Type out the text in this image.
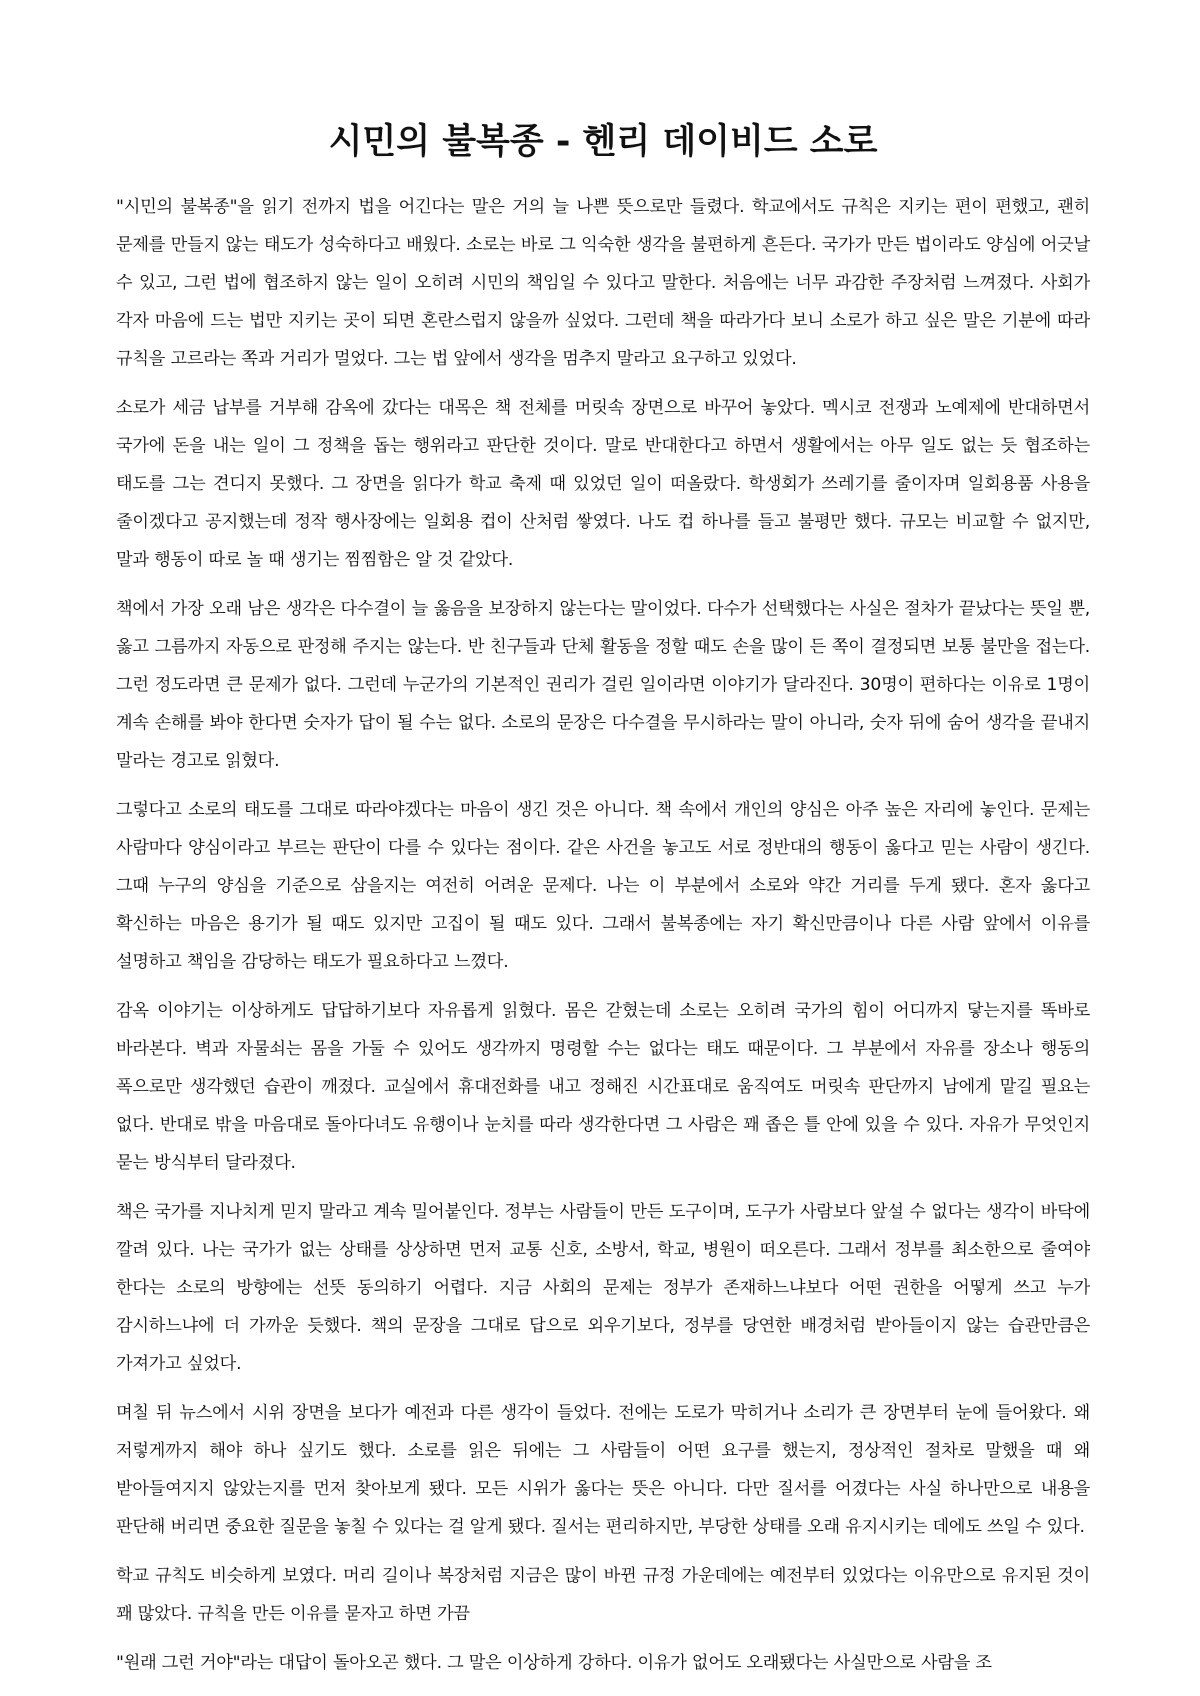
시민의 불복종 - 헨리 데이비드 소로

"시민의 불복종"을 읽기 전까지 법을 어긴다는 말은 거의 늘 나쁜 뜻으로만 들렸다. 학교에서도 규칙은 지키는 편이 편했고, 괜히 문제를 만들지 않는 태도가 성숙하다고 배웠다. 소로는 바로 그 익숙한 생각을 불편하게 흔든다. 국가가 만든 법이라도 양심에 어긋날 수 있고, 그런 법에 협조하지 않는 일이 오히려 시민의 책임일 수 있다고 말한다. 처음에는 너무 과감한 주장처럼 느껴졌다. 사회가 각자 마음에 드는 법만 지키는 곳이 되면 혼란스럽지 않을까 싶었다. 그런데 책을 따라가다 보니 소로가 하고 싶은 말은 기분에 따라 규칙을 고르라는 쪽과 거리가 멀었다. 그는 법 앞에서 생각을 멈추지 말라고 요구하고 있었다.

소로가 세금 납부를 거부해 감옥에 갔다는 대목은 책 전체를 머릿속 장면으로 바꾸어 놓았다. 멕시코 전쟁과 노예제에 반대하면서 국가에 돈을 내는 일이 그 정책을 돕는 행위라고 판단한 것이다. 말로 반대한다고 하면서 생활에서는 아무 일도 없는 듯 협조하는 태도를 그는 견디지 못했다. 그 장면을 읽다가 학교 축제 때 있었던 일이 떠올랐다. 학생회가 쓰레기를 줄이자며 일회용품 사용을 줄이겠다고 공지했는데 정작 행사장에는 일회용 컵이 산처럼 쌓였다. 나도 컵 하나를 들고 불평만 했다. 규모는 비교할 수 없지만, 말과 행동이 따로 놀 때 생기는 찜찜함은 알 것 같았다.

책에서 가장 오래 남은 생각은 다수결이 늘 옳음을 보장하지 않는다는 말이었다. 다수가 선택했다는 사실은 절차가 끝났다는 뜻일 뿐, 옳고 그름까지 자동으로 판정해 주지는 않는다. 반 친구들과 단체 활동을 정할 때도 손을 많이 든 쪽이 결정되면 보통 불만을 접는다. 그런 정도라면 큰 문제가 없다. 그런데 누군가의 기본적인 권리가 걸린 일이라면 이야기가 달라진다. 30명이 편하다는 이유로 1명이 계속 손해를 봐야 한다면 숫자가 답이 될 수는 없다. 소로의 문장은 다수결을 무시하라는 말이 아니라, 숫자 뒤에 숨어 생각을 끝내지 말라는 경고로 읽혔다.

그렇다고 소로의 태도를 그대로 따라야겠다는 마음이 생긴 것은 아니다. 책 속에서 개인의 양심은 아주 높은 자리에 놓인다. 문제는 사람마다 양심이라고 부르는 판단이 다를 수 있다는 점이다. 같은 사건을 놓고도 서로 정반대의 행동이 옳다고 믿는 사람이 생긴다. 그때 누구의 양심을 기준으로 삼을지는 여전히 어려운 문제다. 나는 이 부분에서 소로와 약간 거리를 두게 됐다. 혼자 옳다고 확신하는 마음은 용기가 될 때도 있지만 고집이 될 때도 있다. 그래서 불복종에는 자기 확신만큼이나 다른 사람 앞에서 이유를 설명하고 책임을 감당하는 태도가 필요하다고 느꼈다.

감옥 이야기는 이상하게도 답답하기보다 자유롭게 읽혔다. 몸은 갇혔는데 소로는 오히려 국가의 힘이 어디까지 닿는지를 똑바로 바라본다. 벽과 자물쇠는 몸을 가둘 수 있어도 생각까지 명령할 수는 없다는 태도 때문이다. 그 부분에서 자유를 장소나 행동의 폭으로만 생각했던 습관이 깨졌다. 교실에서 휴대전화를 내고 정해진 시간표대로 움직여도 머릿속 판단까지 남에게 맡길 필요는 없다. 반대로 밖을 마음대로 돌아다녀도 유행이나 눈치를 따라 생각한다면 그 사람은 꽤 좁은 틀 안에 있을 수 있다. 자유가 무엇인지 묻는 방식부터 달라졌다.

책은 국가를 지나치게 믿지 말라고 계속 밀어붙인다. 정부는 사람들이 만든 도구이며, 도구가 사람보다 앞설 수 없다는 생각이 바닥에 깔려 있다. 나는 국가가 없는 상태를 상상하면 먼저 교통 신호, 소방서, 학교, 병원이 떠오른다. 그래서 정부를 최소한으로 줄여야 한다는 소로의 방향에는 선뜻 동의하기 어렵다. 지금 사회의 문제는 정부가 존재하느냐보다 어떤 권한을 어떻게 쓰고 누가 감시하느냐에 더 가까운 듯했다. 책의 문장을 그대로 답으로 외우기보다, 정부를 당연한 배경처럼 받아들이지 않는 습관만큼은 가져가고 싶었다.

며칠 뒤 뉴스에서 시위 장면을 보다가 예전과 다른 생각이 들었다. 전에는 도로가 막히거나 소리가 큰 장면부터 눈에 들어왔다. 왜 저렇게까지 해야 하나 싶기도 했다. 소로를 읽은 뒤에는 그 사람들이 어떤 요구를 했는지, 정상적인 절차로 말했을 때 왜 받아들여지지 않았는지를 먼저 찾아보게 됐다. 모든 시위가 옳다는 뜻은 아니다. 다만 질서를 어겼다는 사실 하나만으로 내용을 판단해 버리면 중요한 질문을 놓칠 수 있다는 걸 알게 됐다. 질서는 편리하지만, 부당한 상태를 오래 유지시키는 데에도 쓰일 수 있다.

학교 규칙도 비슷하게 보였다. 머리 길이나 복장처럼 지금은 많이 바뀐 규정 가운데에는 예전부터 있었다는 이유만으로 유지된 것이 꽤 많았다. 규칙을 만든 이유를 묻자고 하면 가끔

"원래 그런 거야"라는 대답이 돌아오곤 했다. 그 말은 이상하게 강하다. 이유가 없어도 오래됐다는 사실만으로 사람을 조
